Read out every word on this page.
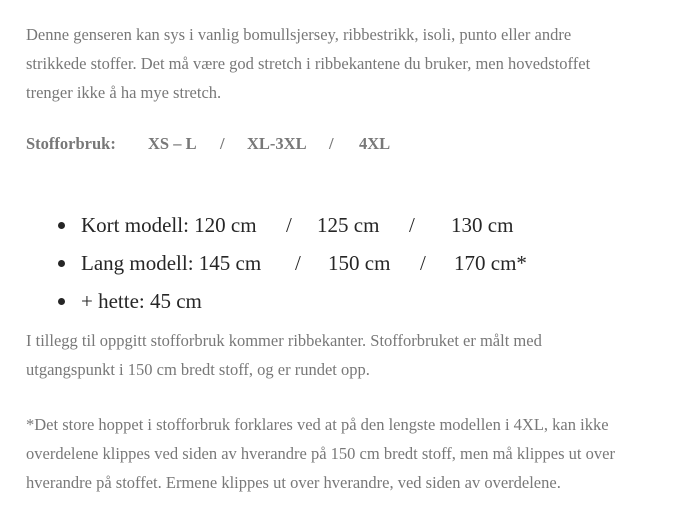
Denne genseren kan sys i vanlig bomullsjersey, ribbestrikk, isoli, punto eller andre
strikkede stoffer. Det må være god stretch i ribbekantene du bruker, men hovedstoffet
trenger ikke å ha mye stretch.

Stofforbruk: XS – L / XL-3XL / 4XL
Kort modell: 120 cm / 125 cm / 130 cm
Lang modell: 145 cm / 150 cm / 170 cm*
+ hette: 45 cm

I tillegg til oppgitt stofforbruk kommer ribbekanter. Stofforbruket er målt med
utgangspunkt i 150 cm bredt stoff, og er rundet opp.

*Det store hoppet i stofforbruk forklares ved at på den lengste modellen i 4XL, kan ikke
overdelene klippes ved siden av hverandre på 150 cm bredt stoff, men må klippes ut over
hverandre på stoffet. Ermene klippes ut over hverandre, ved siden av overdelene.
